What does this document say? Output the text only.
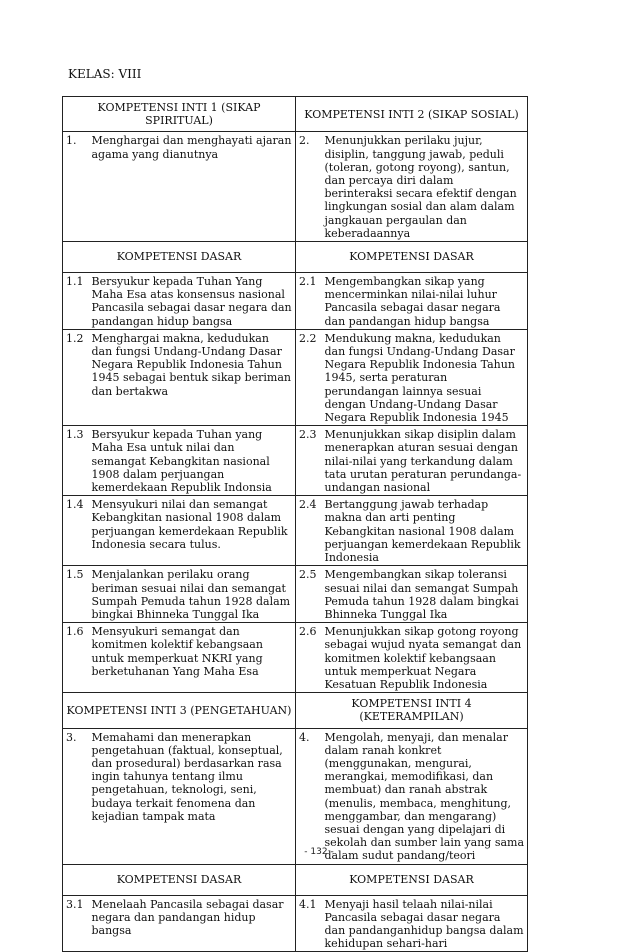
KELAS: VIII
KOMPETENSI INTI 1 (SIKAP SPIRITUAL)		KOMPETENSI INTI 2 (SIKAP SOSIAL)	
1.	Menghargai dan menghayati ajaran agama yang dianutnya	2.	Menunjukkan perilaku jujur, disiplin, tanggung jawab, peduli (toleran, gotong royong), santun, dan percaya diri dalam berinteraksi secara efektif dengan lingkungan sosial dan alam dalam jangkauan pergaulan dan keberadaannya
KOMPETENSI DASAR		KOMPETENSI DASAR	
1.1	Bersyukur kepada Tuhan Yang Maha Esa atas konsensus nasional Pancasila sebagai dasar negara dan pandangan hidup bangsa	2.1	Mengembangkan sikap yang mencerminkan nilai-nilai luhur Pancasila sebagai dasar negara dan pandangan hidup bangsa
1.2	Menghargai makna, kedudukan dan fungsi Undang-Undang Dasar Negara Republik Indonesia Tahun 1945 sebagai bentuk sikap beriman dan bertakwa	2.2	Mendukung makna, kedudukan dan fungsi Undang-Undang Dasar Negara Republik Indonesia Tahun 1945, serta peraturan perundangan lainnya sesuai dengan Undang-Undang Dasar Negara Republik Indonesia 1945
1.3	Bersyukur kepada Tuhan yang Maha Esa untuk nilai dan semangat Kebangkitan nasional 1908 dalam perjuangan kemerdekaan Republik Indonsia	2.3	Menunjukkan sikap disiplin dalam menerapkan aturan sesuai dengan nilai-nilai yang terkandung dalam tata urutan peraturan perundanga-undangan nasional
1.4	Mensyukuri nilai dan semangat Kebangkitan nasional 1908 dalam perjuangan kemerdekaan Republik Indonesia secara tulus.	2.4	Bertanggung jawab terhadap makna dan arti penting Kebangkitan nasional 1908 dalam perjuangan kemerdekaan Republik Indonesia
1.5	Menjalankan perilaku orang beriman sesuai nilai dan semangat Sumpah Pemuda tahun 1928 dalam bingkai Bhinneka Tunggal Ika	2.5	Mengembangkan sikap toleransi sesuai nilai dan semangat Sumpah Pemuda tahun 1928 dalam bingkai Bhinneka Tunggal Ika
1.6	Mensyukuri semangat dan komitmen kolektif kebangsaan untuk memperkuat NKRI yang berketuhanan Yang Maha Esa	2.6	Menunjukkan sikap gotong royong sebagai wujud nyata semangat dan komitmen kolektif kebangsaan untuk memperkuat Negara Kesatuan Republik Indonesia
KOMPETENSI INTI 3 (PENGETAHUAN)		KOMPETENSI INTI 4 (KETERAMPILAN)	
3.	Memahami dan menerapkan pengetahuan (faktual, konseptual, dan prosedural) berdasarkan rasa ingin tahunya tentang ilmu pengetahuan, teknologi, seni, budaya terkait fenomena dan kejadian tampak mata	4.	Mengolah, menyaji, dan menalar dalam ranah konkret (menggunakan, mengurai, merangkai, memodifikasi, dan membuat) dan ranah abstrak (menulis, membaca, menghitung, menggambar, dan mengarang) sesuai dengan yang dipelajari di sekolah dan sumber lain yang sama dalam sudut pandang/teori
KOMPETENSI DASAR		KOMPETENSI DASAR	
3.1	Menelaah Pancasila sebagai dasar negara dan pandangan hidup bangsa	4.1	Menyaji hasil telaah nilai-nilai Pancasila sebagai dasar negara dan pandanganhidup bangsa dalam kehidupan sehari-hari
- 132 -
